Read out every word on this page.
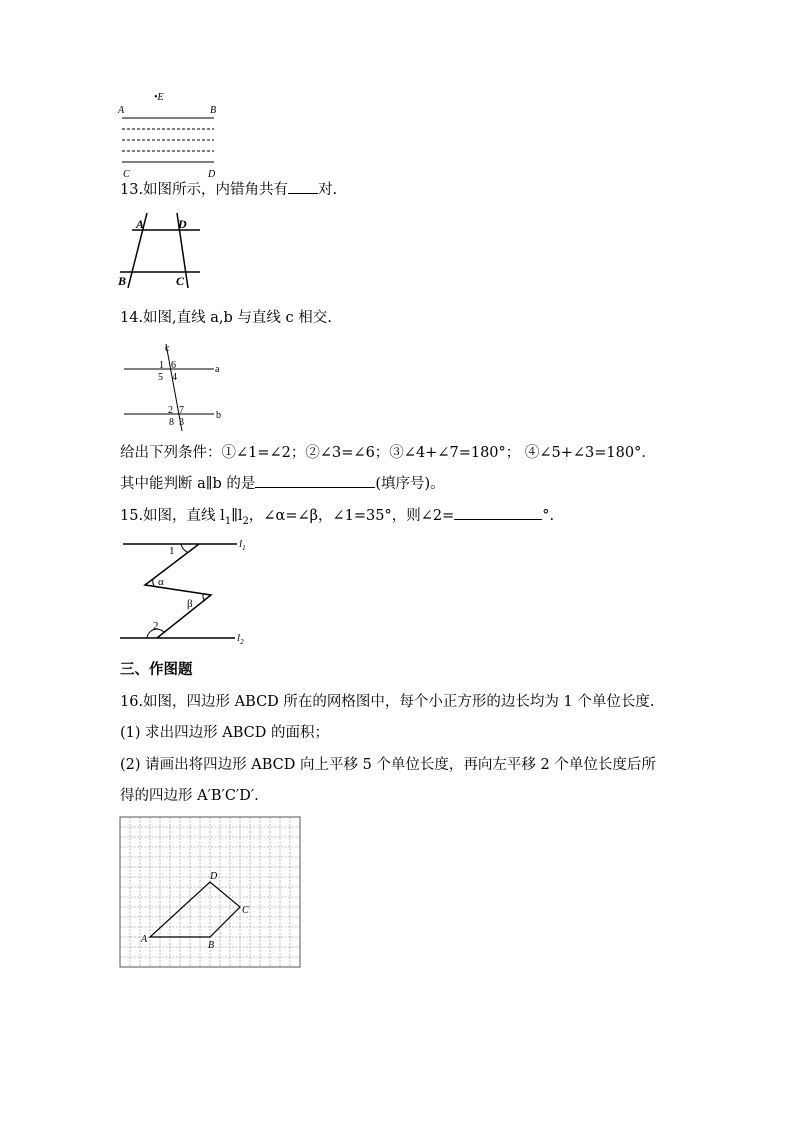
•E
A	B
C	D
13.如图所示，内错角共有 对.
A	D
B	C
14.如图,直线 a,b 与直线 c 相交.
c
a
b
1 6
5 4
2 7
8 3
给出下列条件：①∠1=∠2；②∠3=∠6；③∠4+∠7=180°； ④∠5+∠3=180°．
其中能判断 a∥b 的是	(填序号)。
15.如图，直线 $l_1\parallel l_2$，∠α=∠β，∠1=35°，则∠2=	°.
$l_1$
$l_2$
1
α
β
2
三、作图题
16.如图，四边形 ABCD 所在的网格图中，每个小正方形的边长均为 1 个单位长度.
(1) 求出四边形 ABCD 的面积；
(2) 请画出将四边形 ABCD 向上平移 5 个单位长度，再向左平移 2 个单位长度后所
得的四边形 A′B′C′D′.
A
B
C
D
